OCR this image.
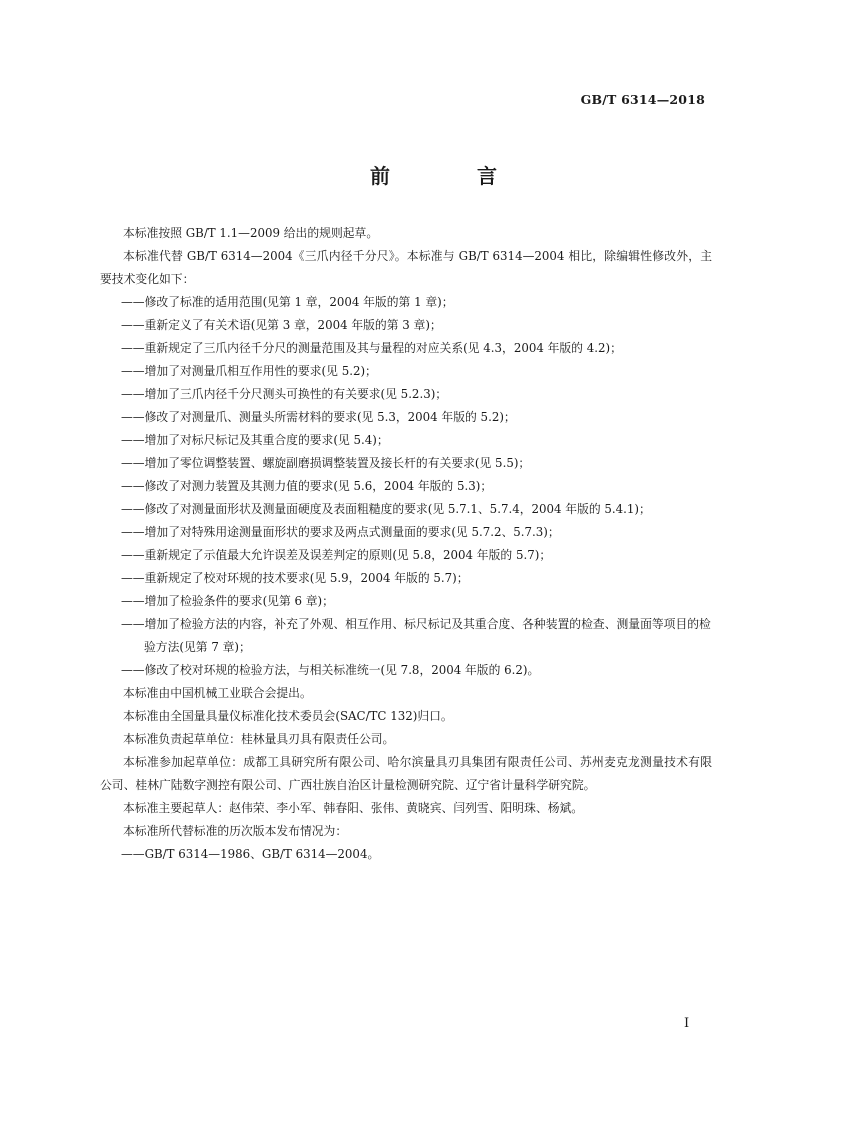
GB/T 6314—2018
前 言

本标准按照 GB/T 1.1—2009 给出的规则起草。

本标准代替 GB/T 6314—2004《三爪内径千分尺》。本标准与 GB/T 6314—2004 相比，除编辑性修改外，主要技术变化如下：

——修改了标准的适用范围(见第 1 章，2004 年版的第 1 章)；
——重新定义了有关术语(见第 3 章，2004 年版的第 3 章)；
——重新规定了三爪内径千分尺的测量范围及其与量程的对应关系(见 4.3，2004 年版的 4.2)；
——增加了对测量爪相互作用性的要求(见 5.2)；
——增加了三爪内径千分尺测头可换性的有关要求(见 5.2.3)；
——修改了对测量爪、测量头所需材料的要求(见 5.3，2004 年版的 5.2)；
——增加了对标尺标记及其重合度的要求(见 5.4)；
——增加了零位调整装置、螺旋副磨损调整装置及接长杆的有关要求(见 5.5)；
——修改了对测力装置及其测力值的要求(见 5.6，2004 年版的 5.3)；
——修改了对测量面形状及测量面硬度及表面粗糙度的要求(见 5.7.1、5.7.4，2004 年版的 5.4.1)；
——增加了对特殊用途测量面形状的要求及两点式测量面的要求(见 5.7.2、5.7.3)；
——重新规定了示值最大允许误差及误差判定的原则(见 5.8，2004 年版的 5.7)；
——重新规定了校对环规的技术要求(见 5.9，2004 年版的 5.7)；
——增加了检验条件的要求(见第 6 章)；
——增加了检验方法的内容，补充了外观、相互作用、标尺标记及其重合度、各种装置的检查、测量面等项目的检验方法(见第 7 章)；
——修改了校对环规的检验方法，与相关标准统一(见 7.8，2004 年版的 6.2)。

本标准由中国机械工业联合会提出。

本标准由全国量具量仪标准化技术委员会(SAC/TC 132)归口。

本标准负责起草单位：桂林量具刃具有限责任公司。

本标准参加起草单位：成都工具研究所有限公司、哈尔滨量具刃具集团有限责任公司、苏州麦克龙测量技术有限公司、桂林广陆数字测控有限公司、广西壮族自治区计量检测研究院、辽宁省计量科学研究院。

本标准主要起草人：赵伟荣、李小军、韩春阳、张伟、黄晓宾、闫列雪、阳明珠、杨斌。

本标准所代替标准的历次版本发布情况为：

——GB/T 6314—1986、GB/T 6314—2004。
I
